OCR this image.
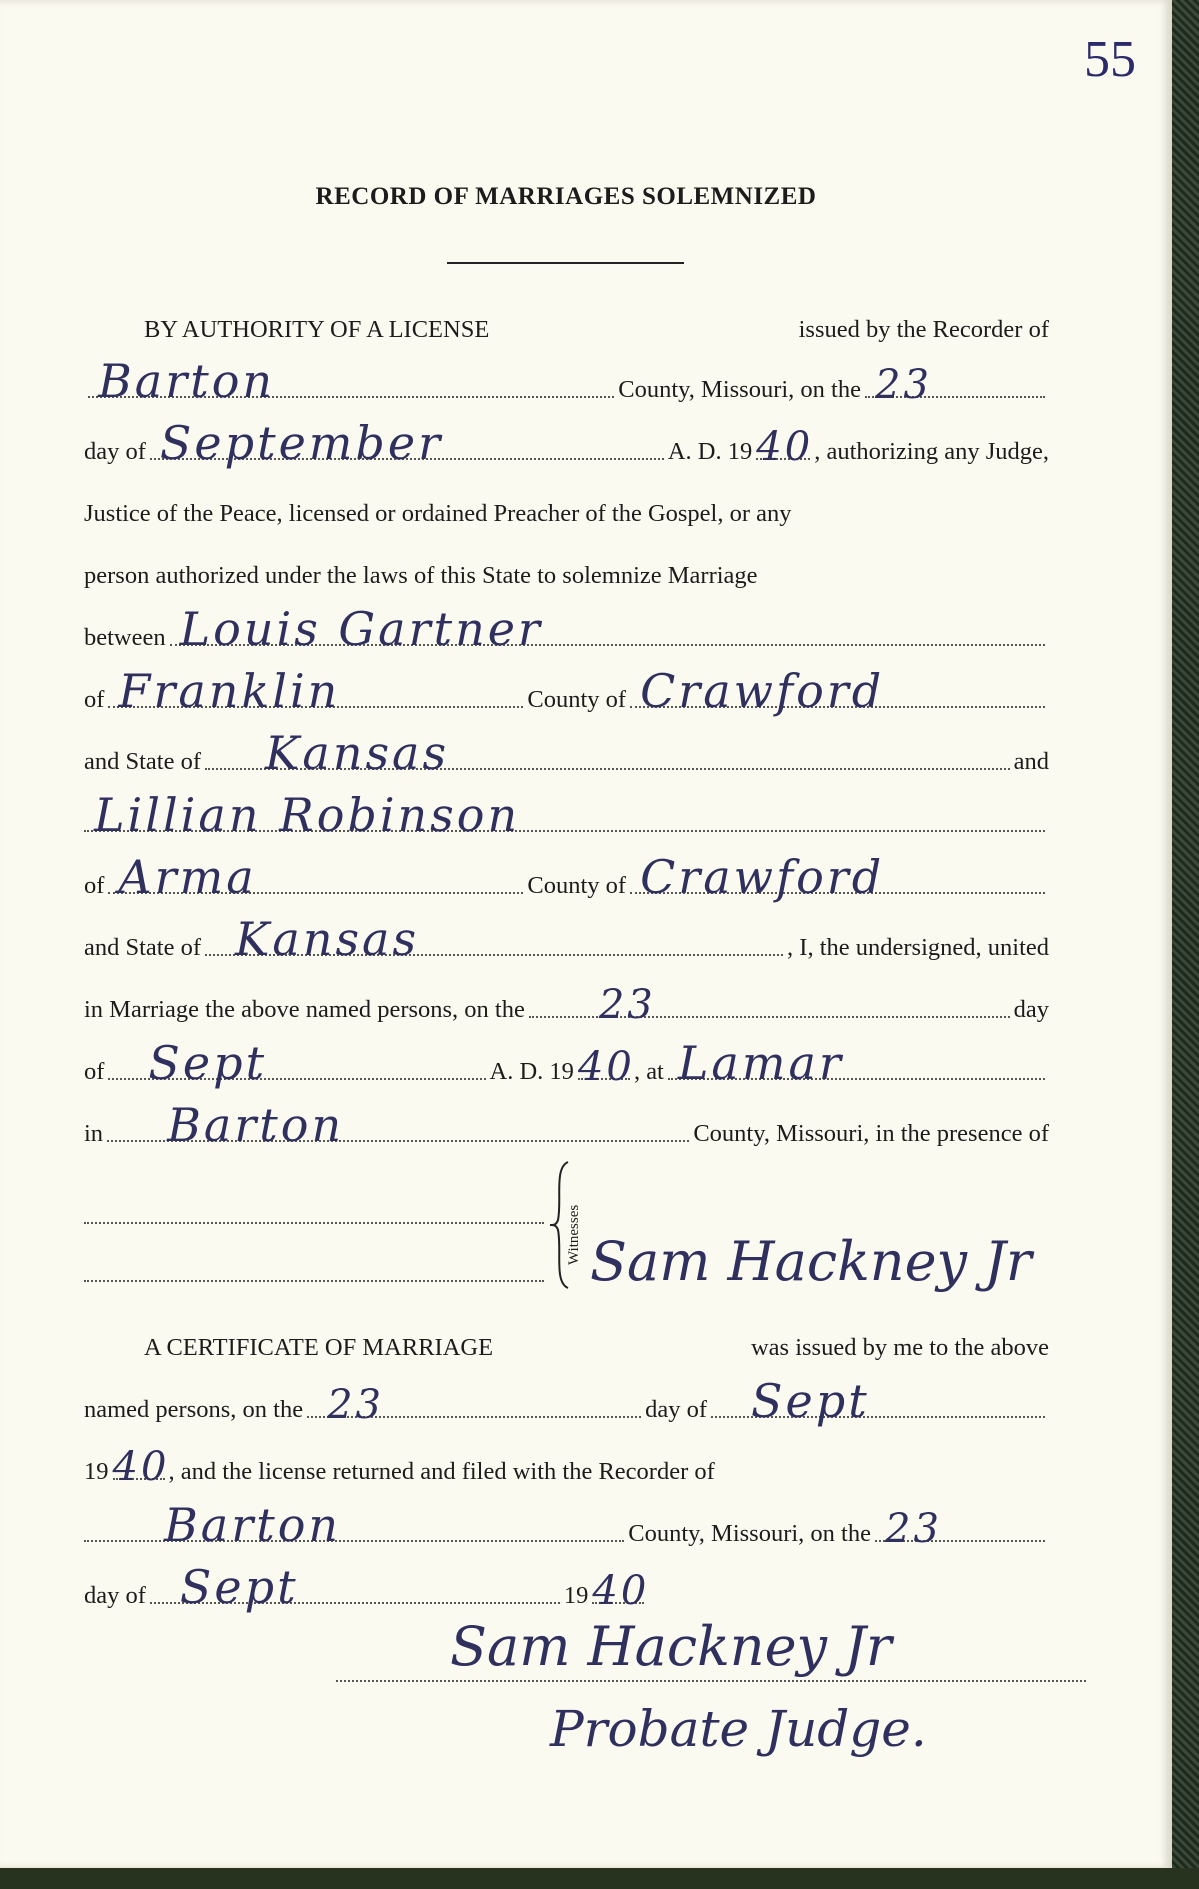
55
RECORD OF MARRIAGES SOLEMNIZED
BY AUTHORITY OF A LICENSE	issued by the Recorder of
Barton	County, Missouri, on the 23
day of September	A. D. 19 40 , authorizing any Judge,
Justice of the Peace, licensed or ordained Preacher of the Gospel, or any
person authorized under the laws of this State to solemnize Marriage
between Louis Gartner
of Franklin	County of Crawford
and State of Kansas	and
Lillian Robinson
of Arma	County of Crawford
and State of Kansas	, I, the undersigned, united
in Marriage the above named persons, on the 23	day
of Sept	A. D. 19 40 , at Lamar
in Barton	County, Missouri, in the presence of
Witnesses Sam Hackney Jr
A CERTIFICATE OF MARRIAGE	was issued by me to the above
named persons, on the 23	day of Sept
19 40 , and the license returned and filed with the Recorder of
Barton	County, Missouri, on the 23
day of Sept	19 40
Sam Hackney Jr
Probate Judge.
